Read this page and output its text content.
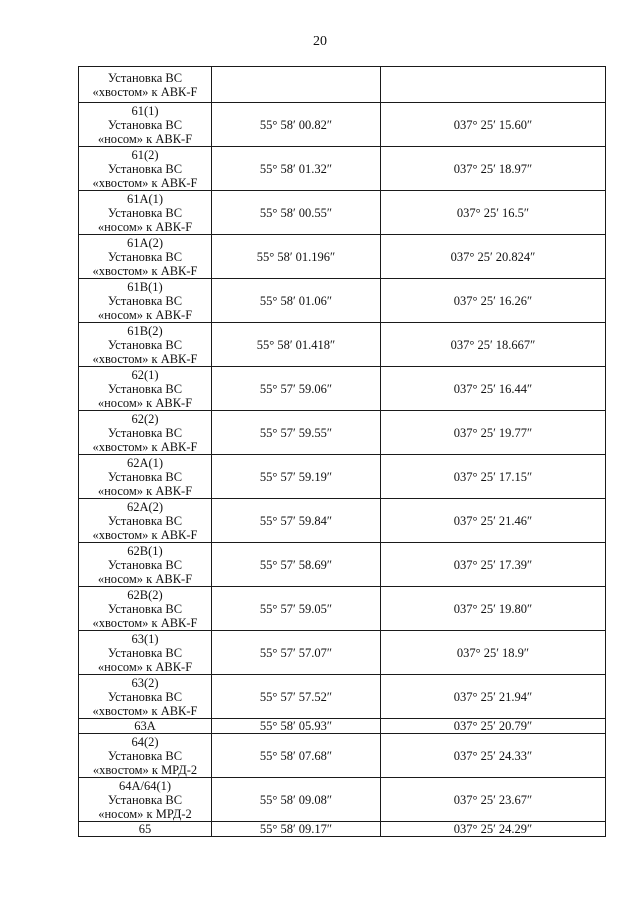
20
Установка ВС
«хвостом» к АВК-F		

61(1)
Установка ВС
«носом» к АВК-F	55° 58′ 00.82″	037° 25′ 15.60″

61(2)
Установка ВС
«хвостом» к АВК-F	55° 58′ 01.32″	037° 25′ 18.97″

61А(1)
Установка ВС
«носом» к АВК-F	55° 58′ 00.55″	037° 25′ 16.5″

61А(2)
Установка ВС
«хвостом» к АВК-F	55° 58′ 01.196″	037° 25′ 20.824″

61В(1)
Установка ВС
«носом» к АВК-F	55° 58′ 01.06″	037° 25′ 16.26″

61В(2)
Установка ВС
«хвостом» к АВК-F	55° 58′ 01.418″	037° 25′ 18.667″

62(1)
Установка ВС
«носом» к АВК-F	55° 57′ 59.06″	037° 25′ 16.44″

62(2)
Установка ВС
«хвостом» к АВК-F	55° 57′ 59.55″	037° 25′ 19.77″

62А(1)
Установка ВС
«носом» к АВК-F	55° 57′ 59.19″	037° 25′ 17.15″

62А(2)
Установка ВС
«хвостом» к АВК-F	55° 57′ 59.84″	037° 25′ 21.46″

62В(1)
Установка ВС
«носом» к АВК-F	55° 57′ 58.69″	037° 25′ 17.39″

62В(2)
Установка ВС
«хвостом» к АВК-F	55° 57′ 59.05″	037° 25′ 19.80″

63(1)
Установка ВС
«носом» к АВК-F	55° 57′ 57.07″	037° 25′ 18.9″

63(2)
Установка ВС
«хвостом» к АВК-F	55° 57′ 57.52″	037° 25′ 21.94″

63А	55° 58′ 05.93″	037° 25′ 20.79″

64(2)
Установка ВС
«хвостом» к МРД-2	55° 58′ 07.68″	037° 25′ 24.33″

64А/64(1)
Установка ВС
«носом» к МРД-2	55° 58′ 09.08″	037° 25′ 23.67″

65	55° 58′ 09.17″	037° 25′ 24.29″
